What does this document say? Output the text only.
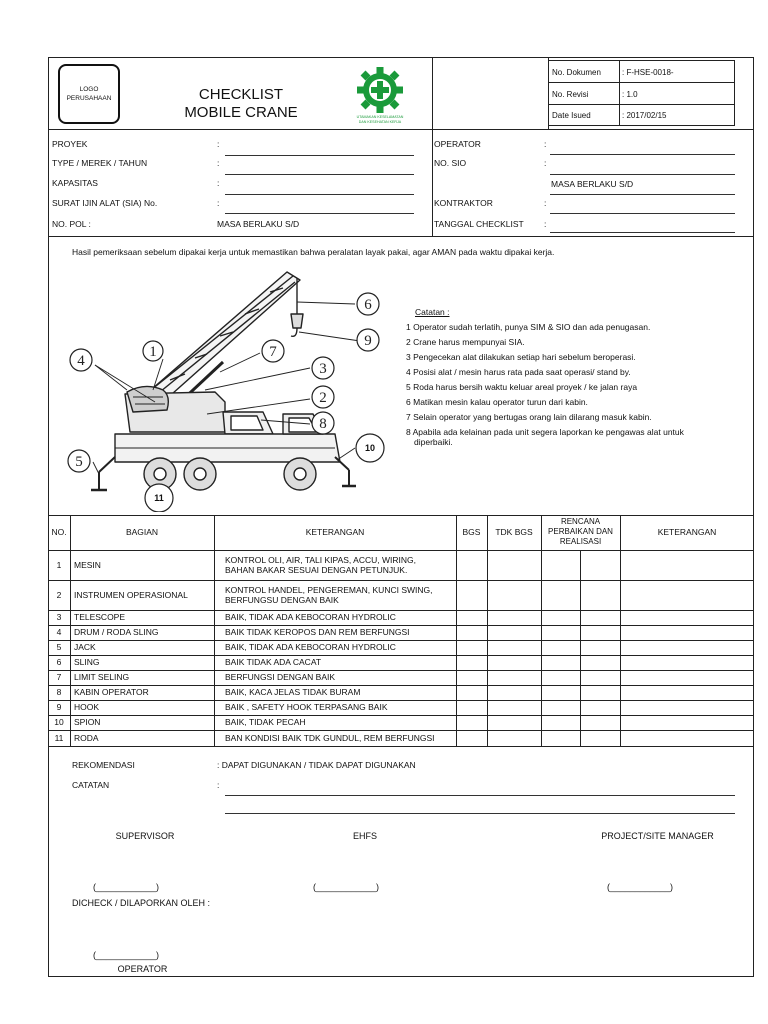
LOGO
PERUSAHAAN	CHECKLIST
MOBILE CRANE	UTAMAKAN KESELAMATAN
DAN KESEHATAN KERJA
No. Dokumen	: F-HSE-0018-
No. Revisi	: 1.0
Date Isued	: 2017/02/15
PROYEK	:
TYPE / MEREK / TAHUN	:
KAPASITAS	:
SURAT IJIN ALAT (SIA) No.	:
NO. POL :	MASA BERLAKU S/D
OPERATOR	:
NO. SIO	:
MASA BERLAKU S/D
KONTRAKTOR	:
TANGGAL CHECKLIST :
Hasil pemeriksaan sebelum dipakai kerja untuk memastikan bahwa peralatan layak pakai, agar AMAN pada waktu dipakai kerja.
1
2
3
4
5
6
7
8
9
10
11
Catatan :
1 Operator sudah terlatih, punya SIM & SIO dan ada penugasan.
2 Crane harus mempunyai SIA.
3 Pengecekan alat dilakukan setiap hari sebelum beroperasi.
4 Posisi alat / mesin harus rata pada saat operasi/ stand by.
5 Roda harus bersih waktu keluar areal proyek / ke jalan raya
6 Matikan mesin kalau operator turun dari kabin.
7 Selain operator yang bertugas orang lain dilarang masuk kabin.
8 Apabila ada kelainan pada unit segera laporkan ke pengawas alat untuk
diperbaiki.
NO.	BAGIAN	KETERANGAN	BGS	TDK BGS
RENCANA
PERBAIKAN DAN
REALISASI
KETERANGAN
1	MESIN	KONTROL OLI, AIR, TALI KIPAS, ACCU, WIRING,
BAHAN BAKAR SESUAI DENGAN PETUNJUK.
2	INSTRUMEN OPERASIONAL	KONTROL HANDEL, PENGEREMAN, KUNCI SWING,
BERFUNGSU DENGAN BAIK
3	TELESCOPE	BAIK, TIDAK ADA KEBOCORAN HYDROLIC
4	DRUM / RODA SLING	BAIK TIDAK KEROPOS DAN REM BERFUNGSI
5	JACK	BAIK, TIDAK ADA KEBOCORAN HYDROLIC
6	SLING	BAIK TIDAK ADA CACAT
7	LIMIT SELING	BERFUNGSI DENGAN BAIK
8	KABIN OPERATOR	BAIK, KACA JELAS TIDAK BURAM
9	HOOK	BAIK , SAFETY HOOK TERPASANG BAIK
10	SPION	BAIK, TIDAK PECAH
11	RODA	BAN KONDISI BAIK TDK GUNDUL, REM BERFUNGSI
REKOMENDASI	: DAPAT DIGUNAKAN / TIDAK DAPAT DIGUNAKAN
CATATAN	:
SUPERVISOR	EHFS	PROJECT/SITE MANAGER
(____________)	(____________)	(____________)
DICHECK / DILAPORKAN OLEH :
(____________)
OPERATOR
